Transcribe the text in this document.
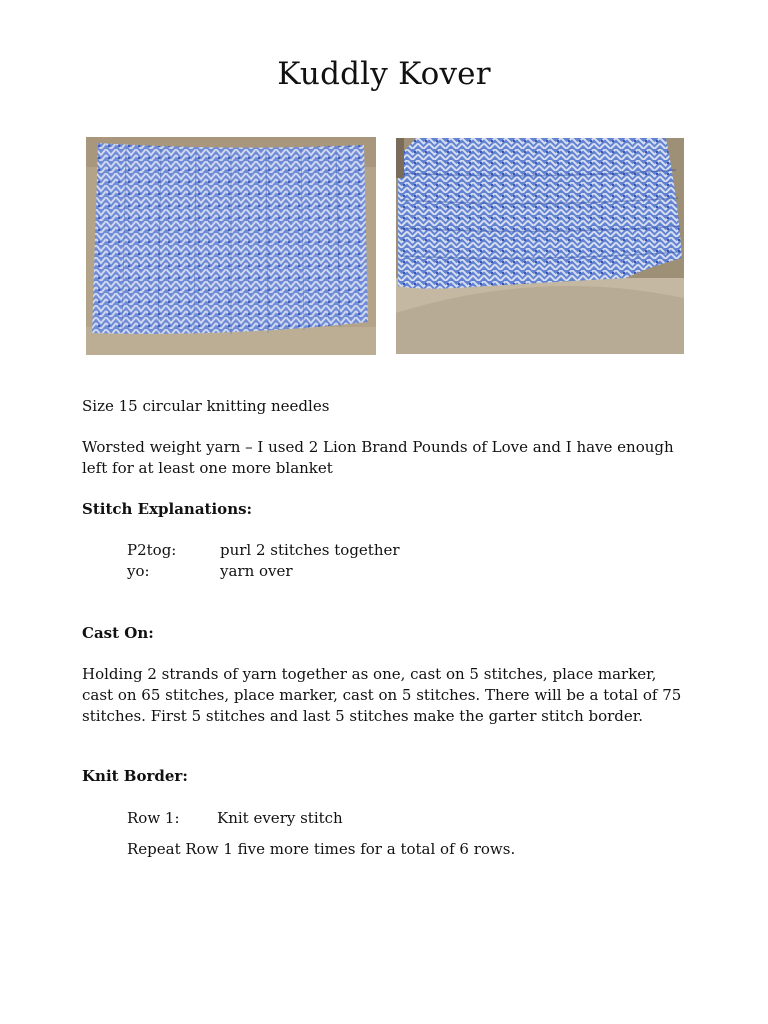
Kuddly Kover
Size 15 circular knitting needles
Worsted weight yarn – I used 2 Lion Brand Pounds of Love and I have enough left for at least one more blanket
Stitch Explanations:
P2tog:	purl 2 stitches together
yo:	yarn over
Cast On:
Holding 2 strands of yarn together as one, cast on 5 stitches, place marker, cast on 65 stitches, place marker, cast on 5 stitches. There will be a total of 75 stitches. First 5 stitches and last 5 stitches make the garter stitch border.
Knit Border:
Row 1: Knit every stitch
Repeat Row 1 five more times for a total of 6 rows.
